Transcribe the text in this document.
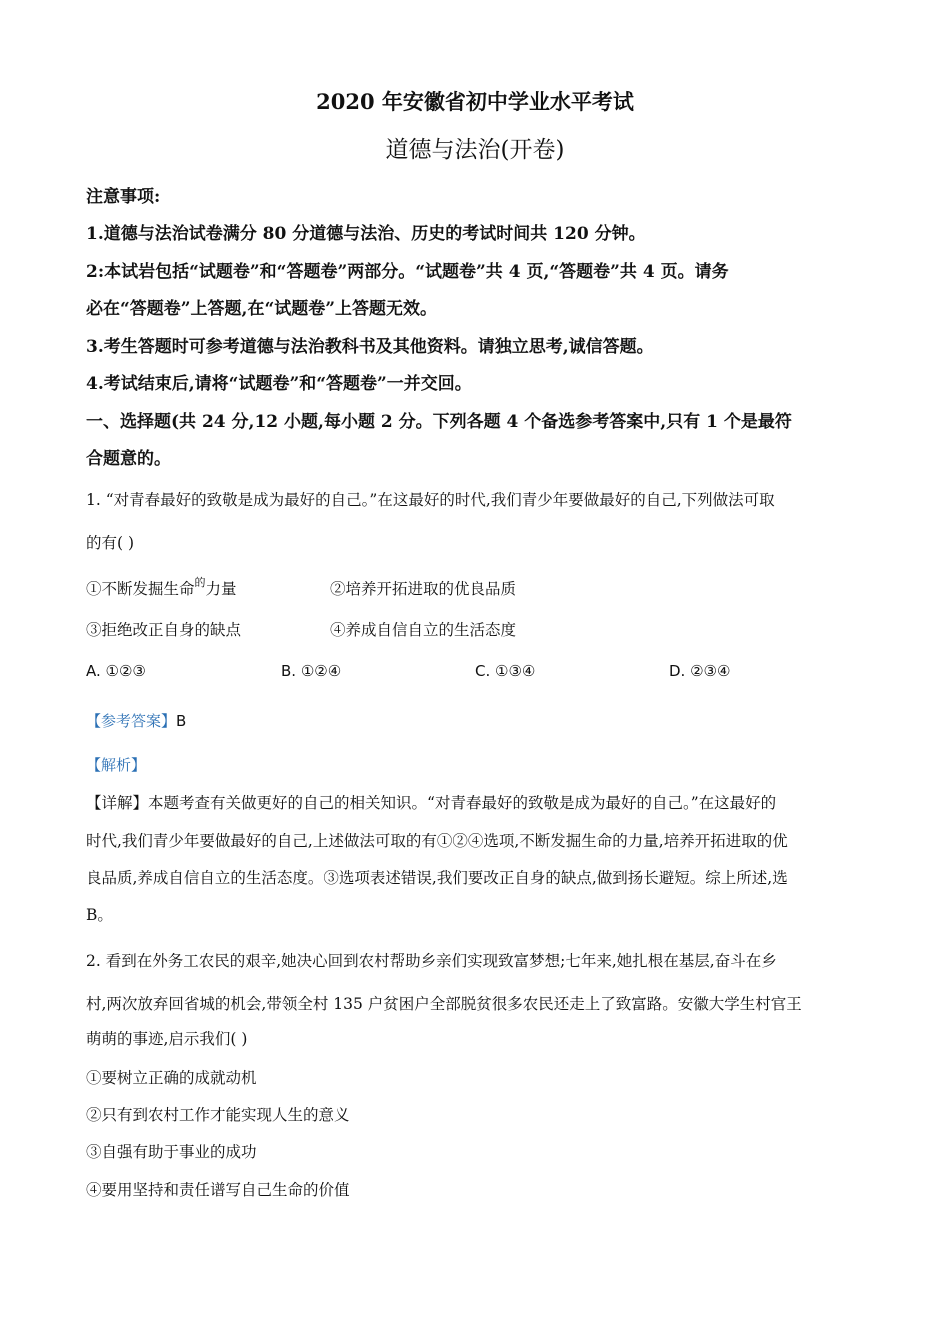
2020 年安徽省初中学业水平考试
道德与法治(开卷)
注意事项:
1.道德与法治试卷满分 80 分道德与法治、历史的考试时间共 120 分钟。
2:本试岩包括“试题卷”和“答题卷”两部分。“试题卷”共 4 页,“答题卷”共 4 页。请务
必在“答题卷”上答题,在“试题卷”上答题无效。
3.考生答题时可参考道德与法治教科书及其他资料。请独立思考,诚信答题。
4.考试结束后,请将“试题卷”和“答题卷”一并交回。
一、选择题(共 24 分,12 小题,每小题 2 分。下列各题 4 个备选参考答案中,只有 1 个是最符
合题意的。
1. “对青春最好的致敬是成为最好的自己。”在这最好的时代,我们青少年要做最好的自己,下列做法可取
的有( )
①不断发掘生命$^的$力量	②培养开拓进取的优良品质
③拒绝改正自身的缺点	④养成自信自立的生活态度
A. ①②③	B. ①②④	C. ①③④	D. ②③④
【参考答案】B
【解析】
【详解】本题考查有关做更好的自己的相关知识。“对青春最好的致敬是成为最好的自己。”在这最好的
时代,我们青少年要做最好的自己,上述做法可取的有①②④选项,不断发掘生命的力量,培养开拓进取的优
良品质,养成自信自立的生活态度。③选项表述错误,我们要改正自身的缺点,做到扬长避短。综上所述,选
B。
2. 看到在外务工农民的艰辛,她决心回到农村帮助乡亲们实现致富梦想;七年来,她扎根在基层,奋斗在乡
村,两次放弃回省城的机会,带领全村 135 户贫困户全部脱贫很多农民还走上了致富路。安徽大学生村官王
萌萌的事迹,启示我们( )
①要树立正确的成就动机
②只有到农村工作才能实现人生的意义
③自强有助于事业的成功
④要用坚持和责任谱写自己生命的价值
